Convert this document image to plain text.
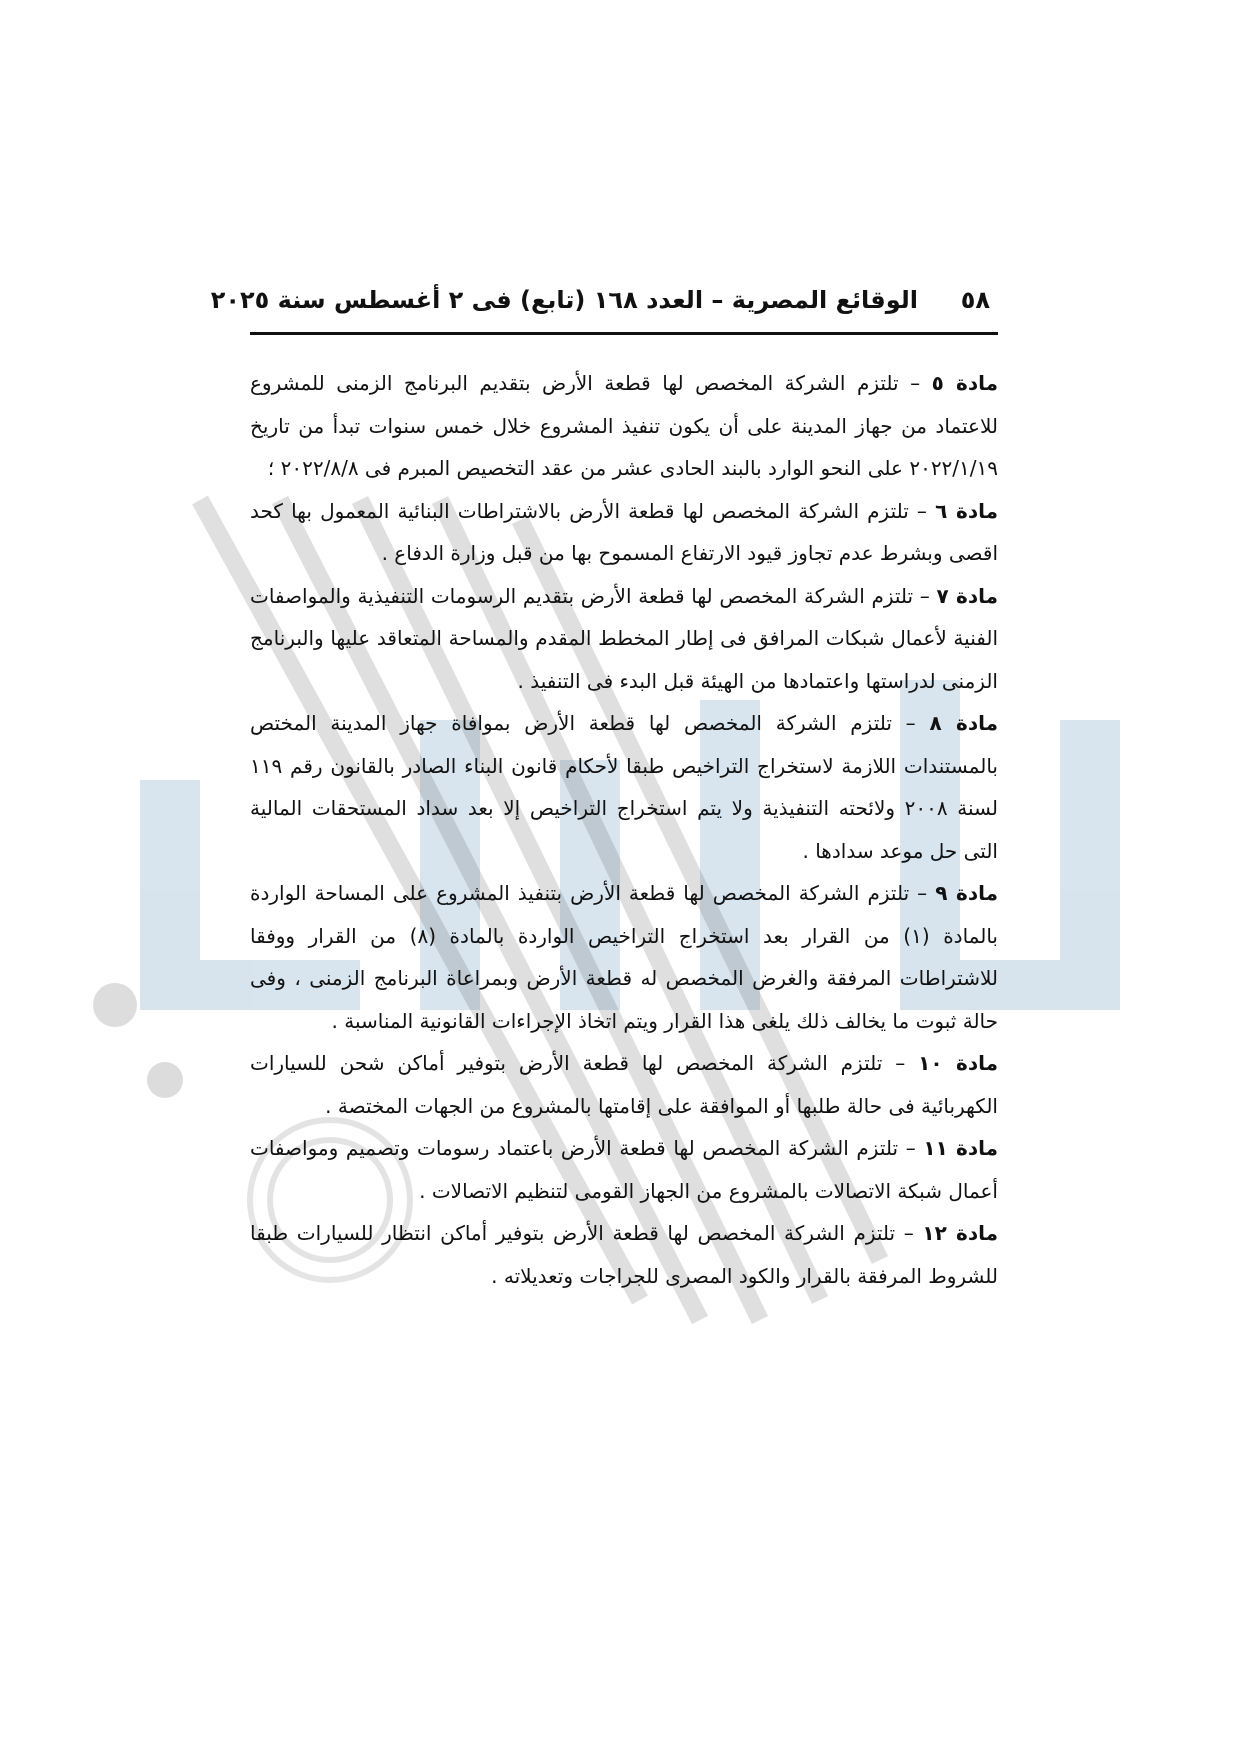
٥٨
الوقائع المصرية – العدد ١٦٨ (تابع) فى ٢ أغسطس سنة ٢٠٢٥

مادة ٥ – تلتزم الشركة المخصص لها قطعة الأرض بتقديم البرنامج الزمنى للمشروع للاعتماد من جهاز المدينة على أن يكون تنفيذ المشروع خلال خمس سنوات تبدأ من تاريخ ٢٠٢٢/١/١٩ على النحو الوارد بالبند الحادى عشر من عقد التخصيص المبرم فى ٢٠٢٢/٨/٨ ؛

مادة ٦ – تلتزم الشركة المخصص لها قطعة الأرض بالاشتراطات البنائية المعمول بها كحد اقصى وبشرط عدم تجاوز قيود الارتفاع المسموح بها من قبل وزارة الدفاع .

مادة ٧ – تلتزم الشركة المخصص لها قطعة الأرض بتقديم الرسومات التنفيذية والمواصفات الفنية لأعمال شبكات المرافق فى إطار المخطط المقدم والمساحة المتعاقد عليها والبرنامج الزمنى لدراستها واعتمادها من الهيئة قبل البدء فى التنفيذ .

مادة ٨ – تلتزم الشركة المخصص لها قطعة الأرض بموافاة جهاز المدينة المختص بالمستندات اللازمة لاستخراج التراخيص طبقا لأحكام قانون البناء الصادر بالقانون رقم ١١٩ لسنة ٢٠٠٨ ولائحته التنفيذية ولا يتم استخراج التراخيص إلا بعد سداد المستحقات المالية التى حل موعد سدادها .

مادة ٩ – تلتزم الشركة المخصص لها قطعة الأرض بتنفيذ المشروع على المساحة الواردة بالمادة (١) من القرار بعد استخراج التراخيص الواردة بالمادة (٨) من القرار ووفقا للاشتراطات المرفقة والغرض المخصص له قطعة الأرض وبمراعاة البرنامج الزمنى ، وفى حالة ثبوت ما يخالف ذلك يلغى هذا القرار ويتم اتخاذ الإجراءات القانونية المناسبة .

مادة ١٠ – تلتزم الشركة المخصص لها قطعة الأرض بتوفير أماكن شحن للسيارات الكهربائية فى حالة طلبها أو الموافقة على إقامتها بالمشروع من الجهات المختصة .

مادة ١١ – تلتزم الشركة المخصص لها قطعة الأرض باعتماد رسومات وتصميم ومواصفات أعمال شبكة الاتصالات بالمشروع من الجهاز القومى لتنظيم الاتصالات .

مادة ١٢ – تلتزم الشركة المخصص لها قطعة الأرض بتوفير أماكن انتظار للسيارات طبقا للشروط المرفقة بالقرار والكود المصرى للجراجات وتعديلاته .
